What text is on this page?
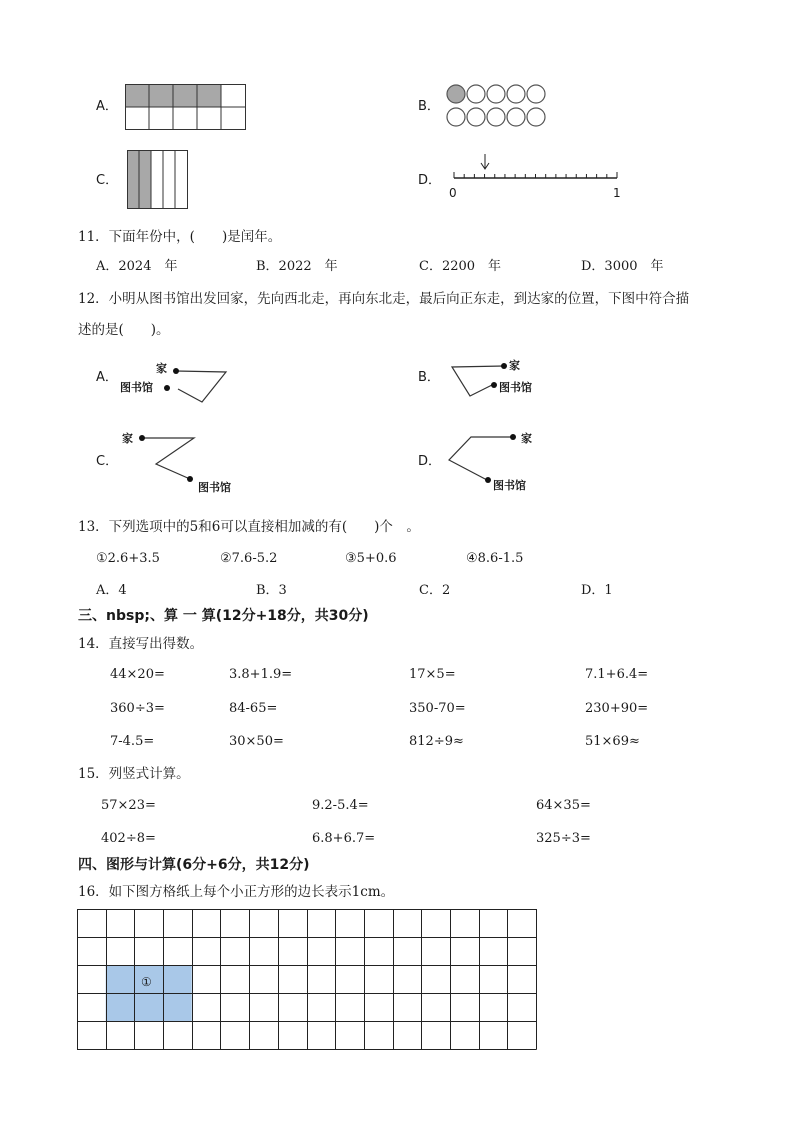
A．	B．
C．	D．
0	1
11．下面年份中，(　　)是闰年。
A．2024　年	B．2022　年	C．2200　年	D．3000　年
12．小明从图书馆出发回家，先向西北走，再向东北走，最后向正东走，到达家的位置，下图中符合描
述的是(　　)。
A．
家
图书馆
B．
家
图书馆
C．
家
图书馆
D．
家
图书馆
13．下列选项中的5和6可以直接相加减的有(　　)个　。
①2.6+3.5	②7.6-5.2	③5+0.6	④8.6-1.5
A．4	B．3	C．2	D．1
三、nbsp;、算 一 算(12分+18分，共30分)
14．直接写出得数。
44×20=	3.8+1.9=	17×5=	7.1+6.4=
360÷3=	84-65=	350-70=	230+90=
7-4.5=	30×50=	812÷9≈	51×69≈
15．列竖式计算。
57×23=	9.2-5.4=	64×35=
402÷8=	6.8+6.7=	325÷3=
四、图形与计算(6分+6分，共12分)
16．如下图方格纸上每个小正方形的边长表示1cm。
①
